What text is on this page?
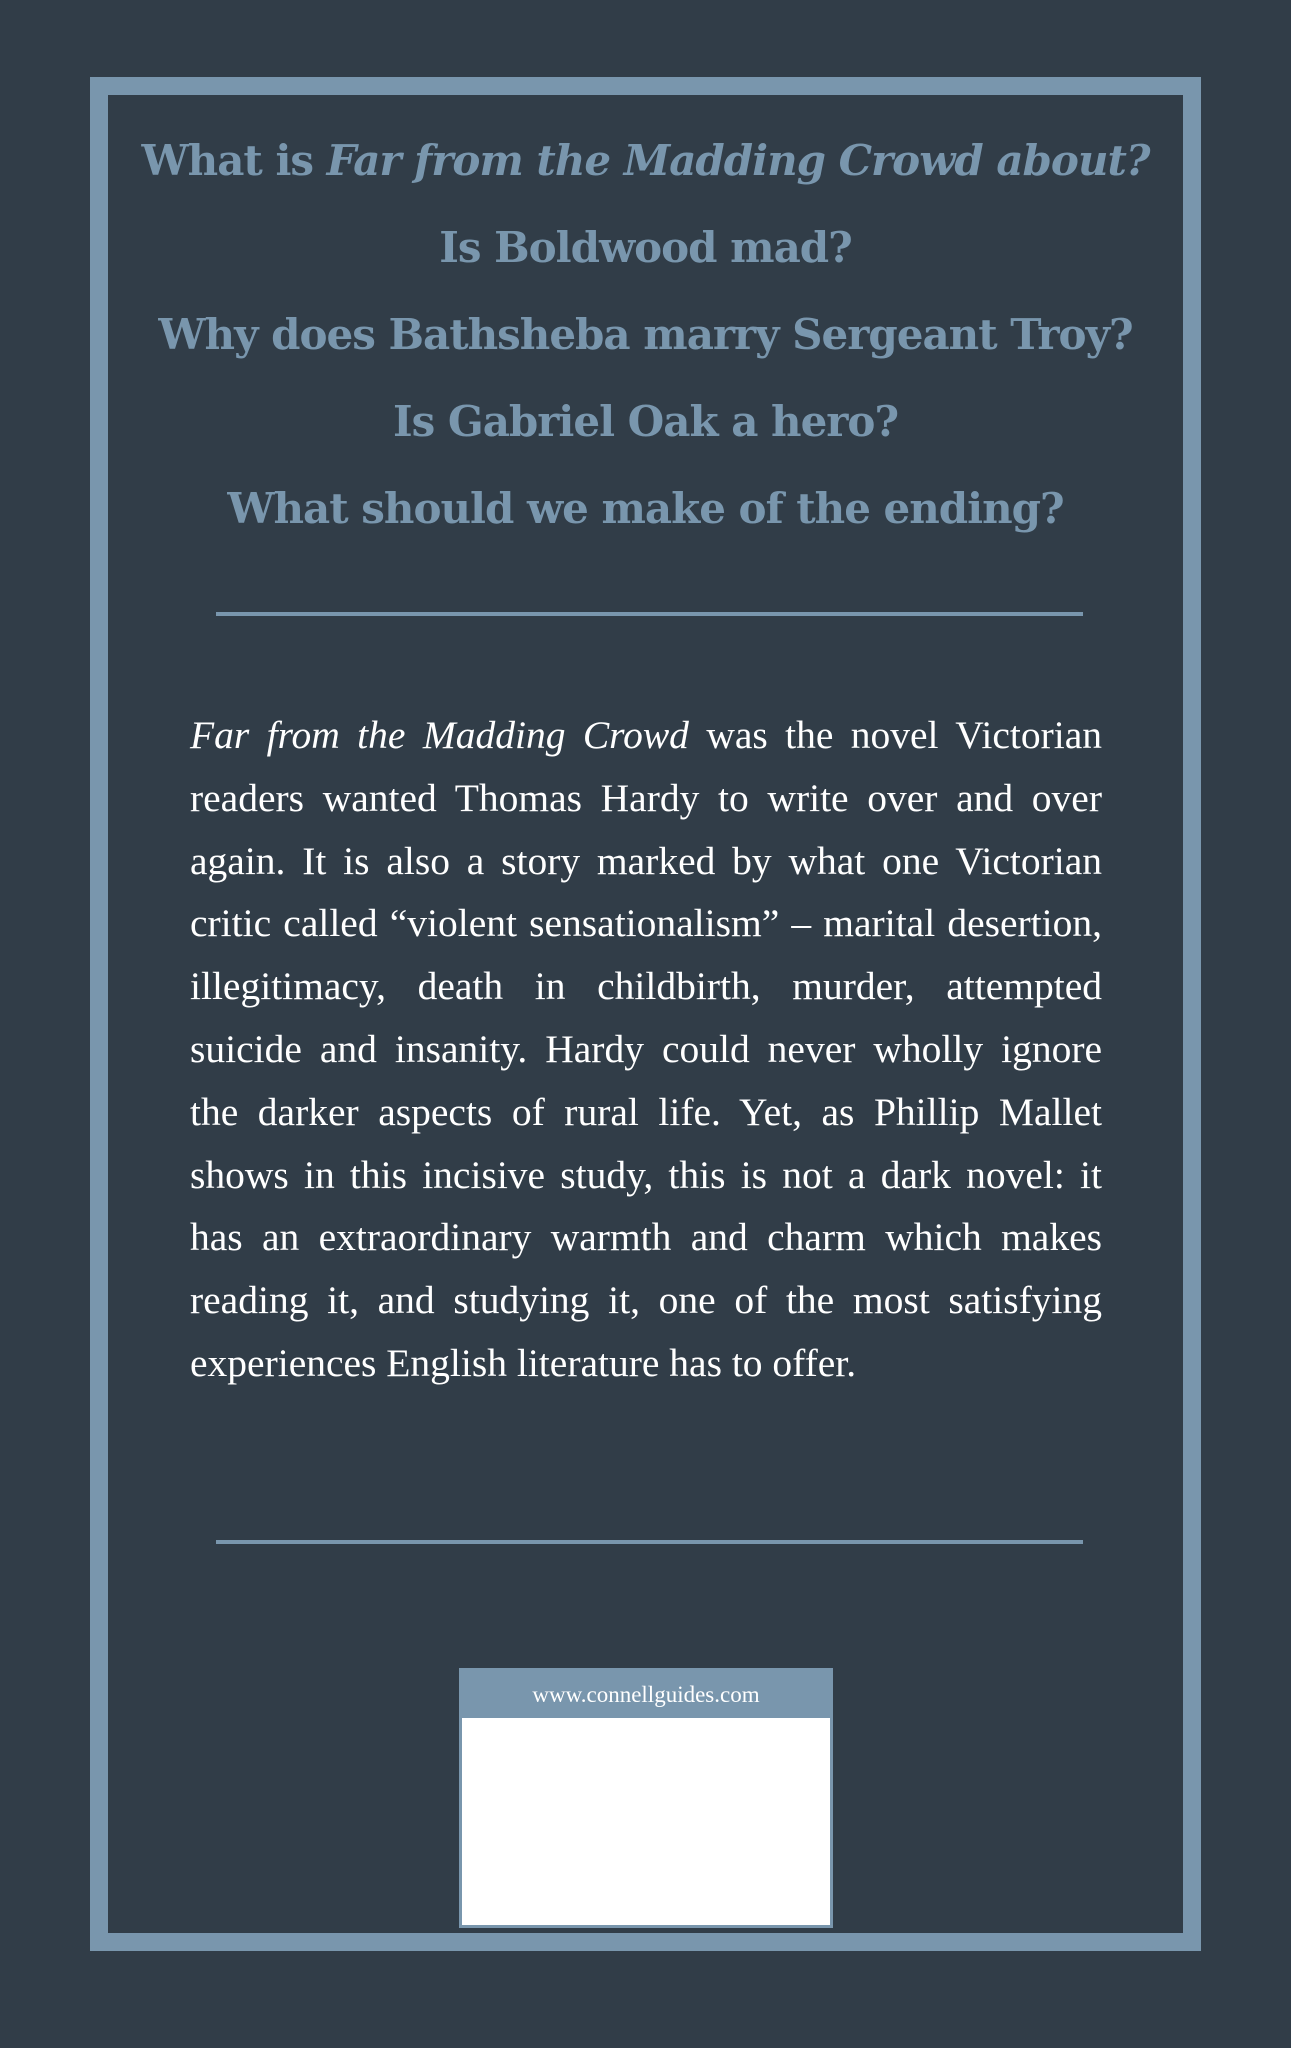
What is Far from the Madding Crowd about?
Is Boldwood mad?
Why does Bathsheba marry Sergeant Troy?
Is Gabriel Oak a hero?
What should we make of the ending?
Far from the Madding Crowd was the novel Victorian readers wanted Thomas Hardy to write over and over again. It is also a story marked by what one Victorian critic called “violent sensationalism” – marital desertion, illegitimacy, death in childbirth, murder, attempted suicide and insanity. Hardy could never wholly ignore the darker aspects of rural life. Yet, as Phillip Mallet shows in this incisive study, this is not a dark novel: it has an extraordinary warmth and charm which makes reading it, and studying it, one of the most satisfying experiences English literature has to offer.
www.connellguides.com
